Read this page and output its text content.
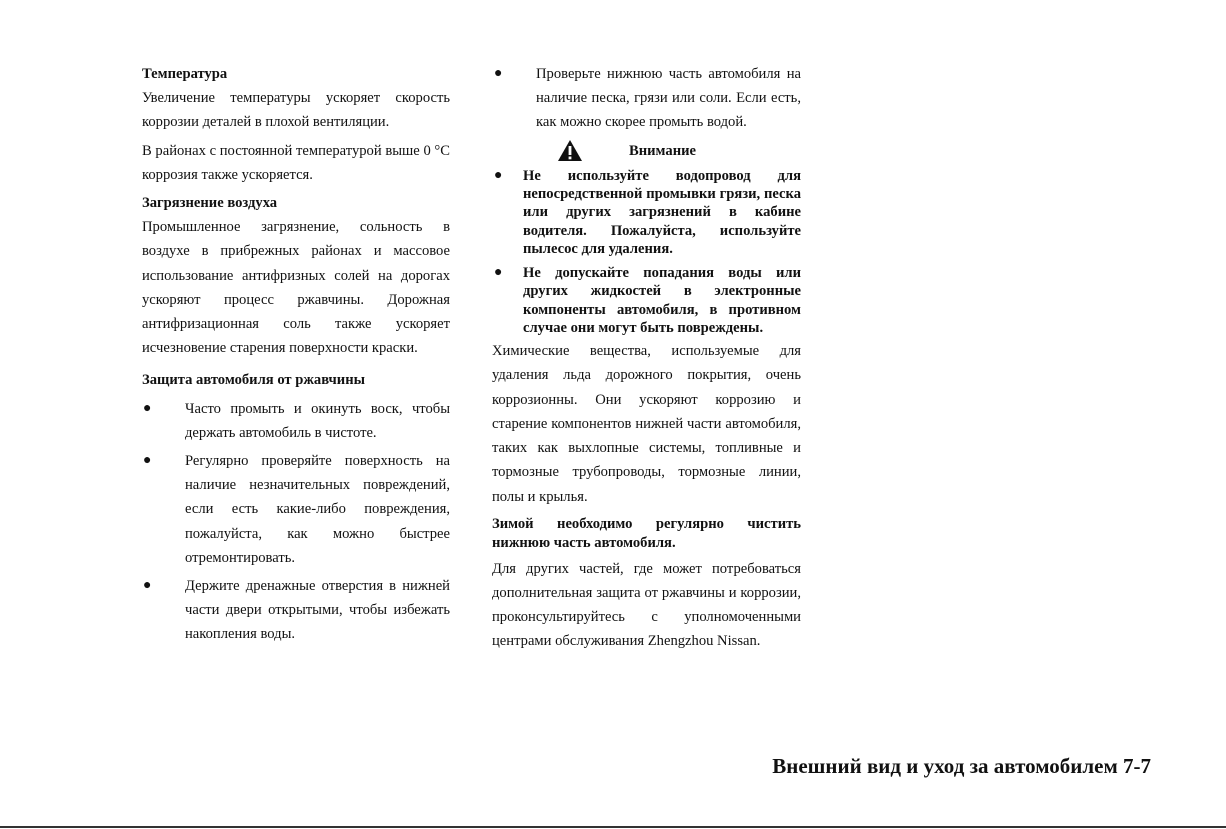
Температура

Увеличение температуры ускоряет скорость коррозии деталей в плохой вентиляции.

В районах с постоянной температурой выше 0 °C коррозия также ускоряется.

Загрязнение воздуха

Промышленное загрязнение, сольность в воздухе в прибрежных районах и массовое использование антифризных солей на дорогах ускоряют процесс ржавчины. Дорожная антифризационная соль также ускоряет исчезновение старения поверхности краски.

Защита автомобиля от ржавчины

●	Часто промыть и окинуть воск, чтобы держать автомобиль в чистоте.
●	Регулярно проверяйте поверхность на наличие незначительных повреждений, если есть какие-либо повреждения, пожалуйста, как можно быстрее отремонтировать.
●	Держите дренажные отверстия в нижней части двери открытыми, чтобы избежать накопления воды.
●	Проверьте нижнюю часть автомобиля на наличие песка, грязи или соли. Если есть, как можно скорее промыть водой.
Внимание
●	Не используйте водопровод для непосредственной промывки грязи, песка или других загрязнений в кабине водителя. Пожалуйста, используйте пылесос для удаления.
●	Не допускайте попадания воды или других жидкостей в электронные компоненты автомобиля, в противном случае они могут быть повреждены.

Химические вещества, используемые для удаления льда дорожного покрытия, очень коррозионны. Они ускоряют коррозию и старение компонентов нижней части автомобиля, таких как выхлопные системы, топливные и тормозные трубопроводы, тормозные линии, полы и крылья.

Зимой необходимо регулярно чистить нижнюю часть автомобиля.

Для других частей, где может потребоваться дополнительная защита от ржавчины и коррозии, проконсультируйтесь с уполномоченными центрами обслуживания Zhengzhou Nissan.

Внешний вид и уход за автомобилем 7-7
